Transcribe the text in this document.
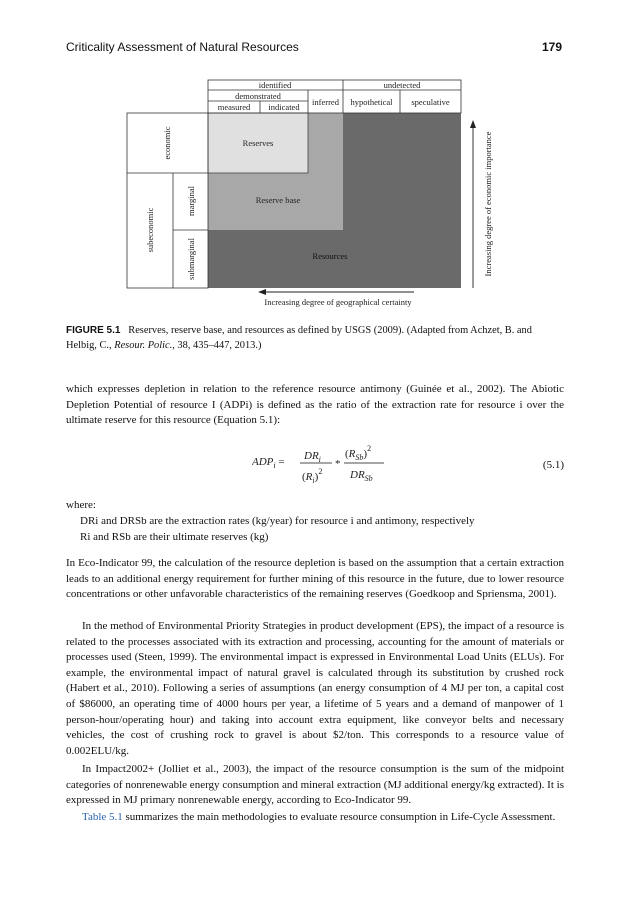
Criticality Assessment of Natural Resources	179
identified	undetected
demonstrated
measured indicated inferred hypothetical speculative
economic
subeconomic
marginal
submarginal
Reserves
Reserve base
Resources
Increasing degree of geographical certainty
Increasing degree of economic importance
FIGURE 5.1 Reserves, reserve base, and resources as defined by USGS (2009). (Adapted from Achzet, B. and Helbig, C., Resour. Polic., 38, 435–447, 2013.)
which expresses depletion in relation to the reference resource antimony (Guinée et al., 2002). The Abiotic Depletion Potential of resource I (ADPi) is defined as the ratio of the extraction rate for resource i over the ultimate reserve for this resource (Equation 5.1):
$ADP_i = DR_i$
$(R_i)^2$
*
$(R_{Sb})^2$
$DR_{Sb}$
(5.1)
where:
DRi and DRSb are the extraction rates (kg/year) for resource i and antimony, respectively
Ri and RSb are their ultimate reserves (kg)
In Eco-Indicator 99, the calculation of the resource depletion is based on the assumption that a certain extraction leads to an additional energy requirement for further mining of this resource in the future, due to lower resource concentrations or other unfavorable characteristics of the remaining reserves (Goedkoop and Spriensma, 2001).
In the method of Environmental Priority Strategies in product development (EPS), the impact of a resource is related to the processes associated with its extraction and processing, accounting for the amount of materials or processes used (Steen, 1999). The environmental impact is expressed in Environmental Load Units (ELUs). For example, the environmental impact of natural gravel is calculated through its substitution by crushed rock (Habert et al., 2010). Following a series of assumptions (an energy consumption of 4 MJ per ton, a capital cost of $86000, an operating time of 4000 hours per year, a lifetime of 5 years and a demand of manpower of 1 person-hour/operating hour) and taking into account extra equipment, like conveyor belts and necessary vehicles, the cost of crushing rock to gravel is about $2/ton. This corresponds to a resource value of 0.002ELU/kg.
In Impact2002+ (Jolliet et al., 2003), the impact of the resource consumption is the sum of the midpoint categories of nonrenewable energy consumption and mineral extraction (MJ additional energy/kg extracted). It is expressed in MJ primary nonrenewable energy, according to Eco-Indicator 99.
Table 5.1 summarizes the main methodologies to evaluate resource consumption in Life-Cycle Assessment.
